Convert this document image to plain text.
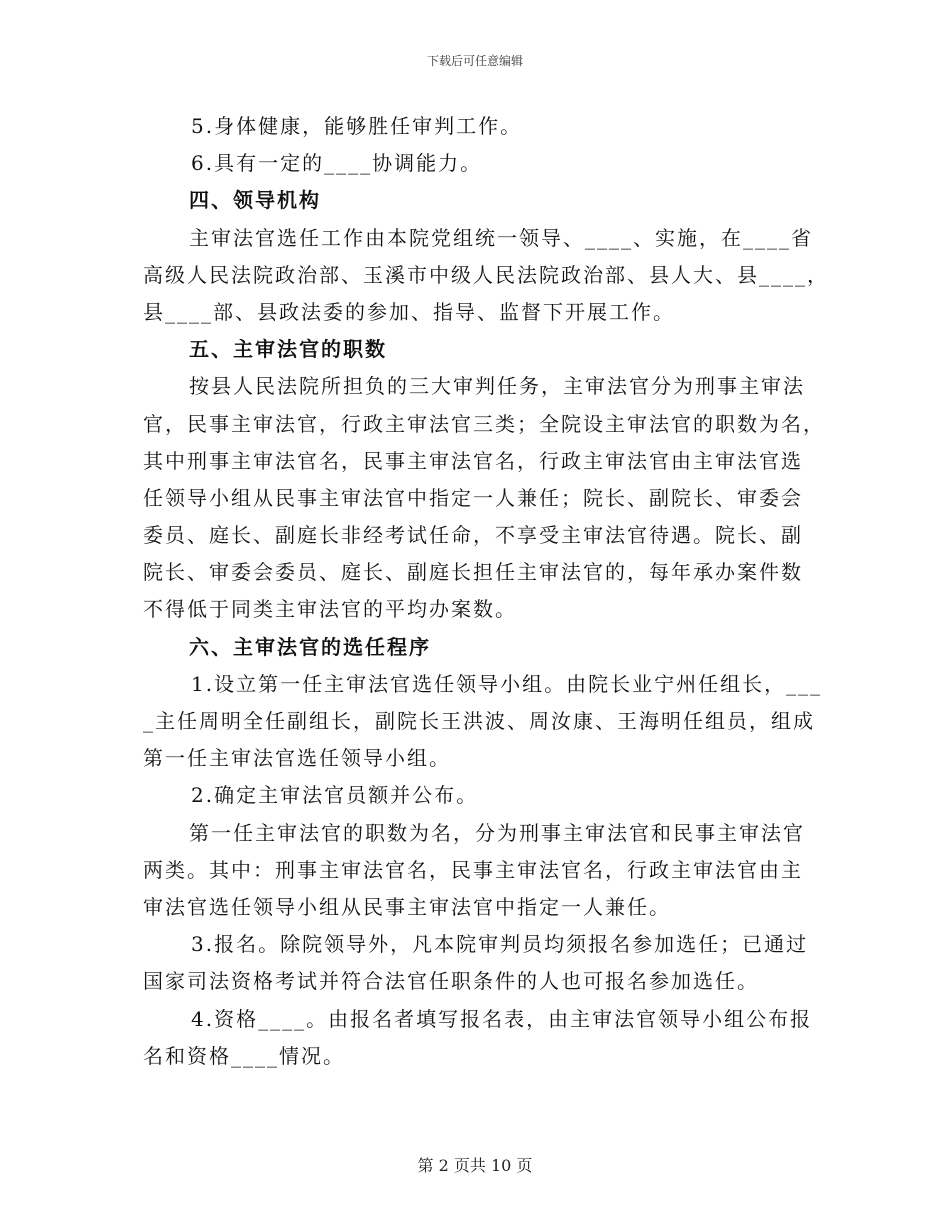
下载后可任意编辑
5.身体健康，能够胜任审判工作。
6.具有一定的____协调能力。
四、领导机构
主审法官选任工作由本院党组统一领导、____、实施，在____省
高级人民法院政治部、玉溪市中级人民法院政治部、县人大、县____，
县____部、县政法委的参加、指导、监督下开展工作。
五、主审法官的职数
按县人民法院所担负的三大审判任务，主审法官分为刑事主审法
官，民事主审法官，行政主审法官三类；全院设主审法官的职数为名，
其中刑事主审法官名，民事主审法官名，行政主审法官由主审法官选
任领导小组从民事主审法官中指定一人兼任；院长、副院长、审委会
委员、庭长、副庭长非经考试任命，不享受主审法官待遇。院长、副
院长、审委会委员、庭长、副庭长担任主审法官的，每年承办案件数
不得低于同类主审法官的平均办案数。
六、主审法官的选任程序
1.设立第一任主审法官选任领导小组。由院长业宁州任组长，___
_主任周明全任副组长，副院长王洪波、周汝康、王海明任组员，组成
第一任主审法官选任领导小组。
2.确定主审法官员额并公布。
第一任主审法官的职数为名，分为刑事主审法官和民事主审法官
两类。其中：刑事主审法官名，民事主审法官名，行政主审法官由主
审法官选任领导小组从民事主审法官中指定一人兼任。
3.报名。除院领导外，凡本院审判员均须报名参加选任；已通过
国家司法资格考试并符合法官任职条件的人也可报名参加选任。
4.资格____。由报名者填写报名表，由主审法官领导小组公布报
名和资格____情况。
第 2 页共 10 页
